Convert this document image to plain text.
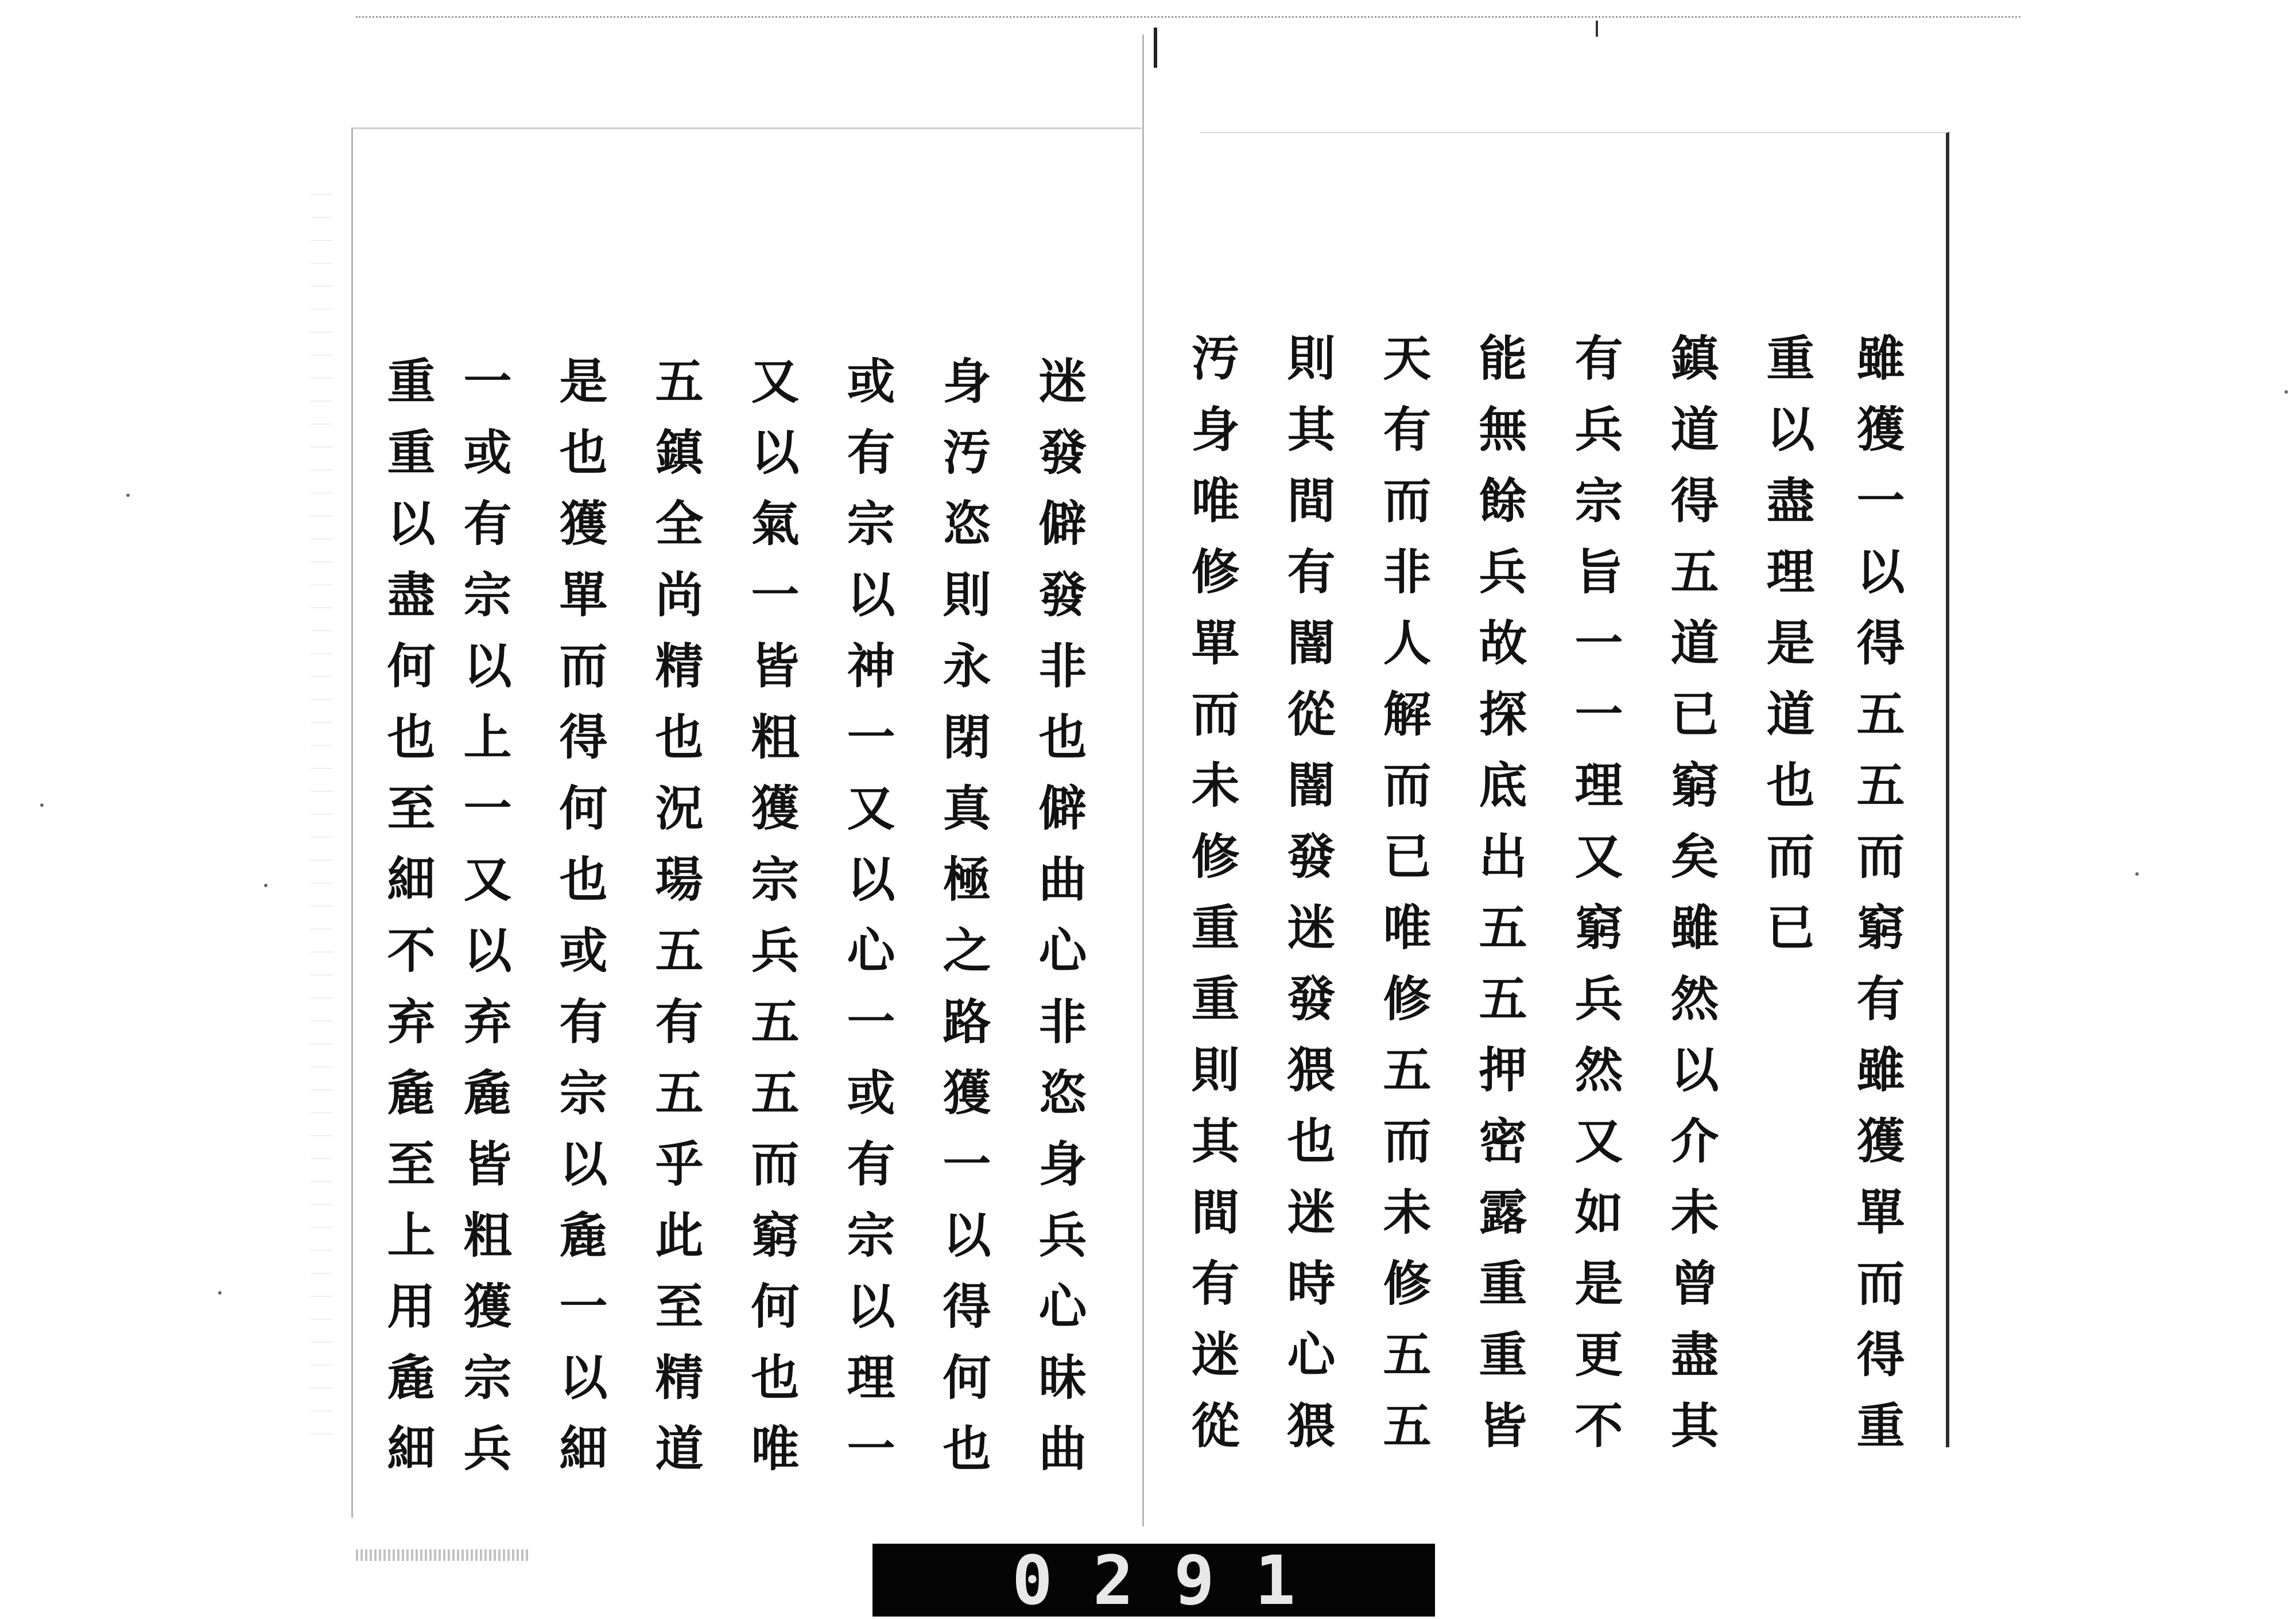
雖獲一以得五五而窮有雖獲單而得重
重以盡理是道也而已
鎮道得五道已窮矣雖然以介未曾盡其
有兵宗旨一一理又窮兵然又如是更不
能無餘兵故探底出五五押密露重重皆
天有而非人解而已唯修五而未修五五
則其間有闇從闇發迷發猥也迷時心猥
汚身唯修單而未修重重則其間有迷從
迷發僻發非也僻曲心非恣身兵心昧曲
身汚恣則永閉真極之路獲一以得何也
或有宗以神一又以心一或有宗以理一
又以氣一皆粗獲宗兵五五而窮何也唯
五鎮全尚精也況瑒五有五乎此至精道
是也獲單而得何也或有宗以麁一以細
一或有宗以上一又以弃麁皆粗獲宗兵
重重以盡何也至細不弃麁至上用麁細
0291
